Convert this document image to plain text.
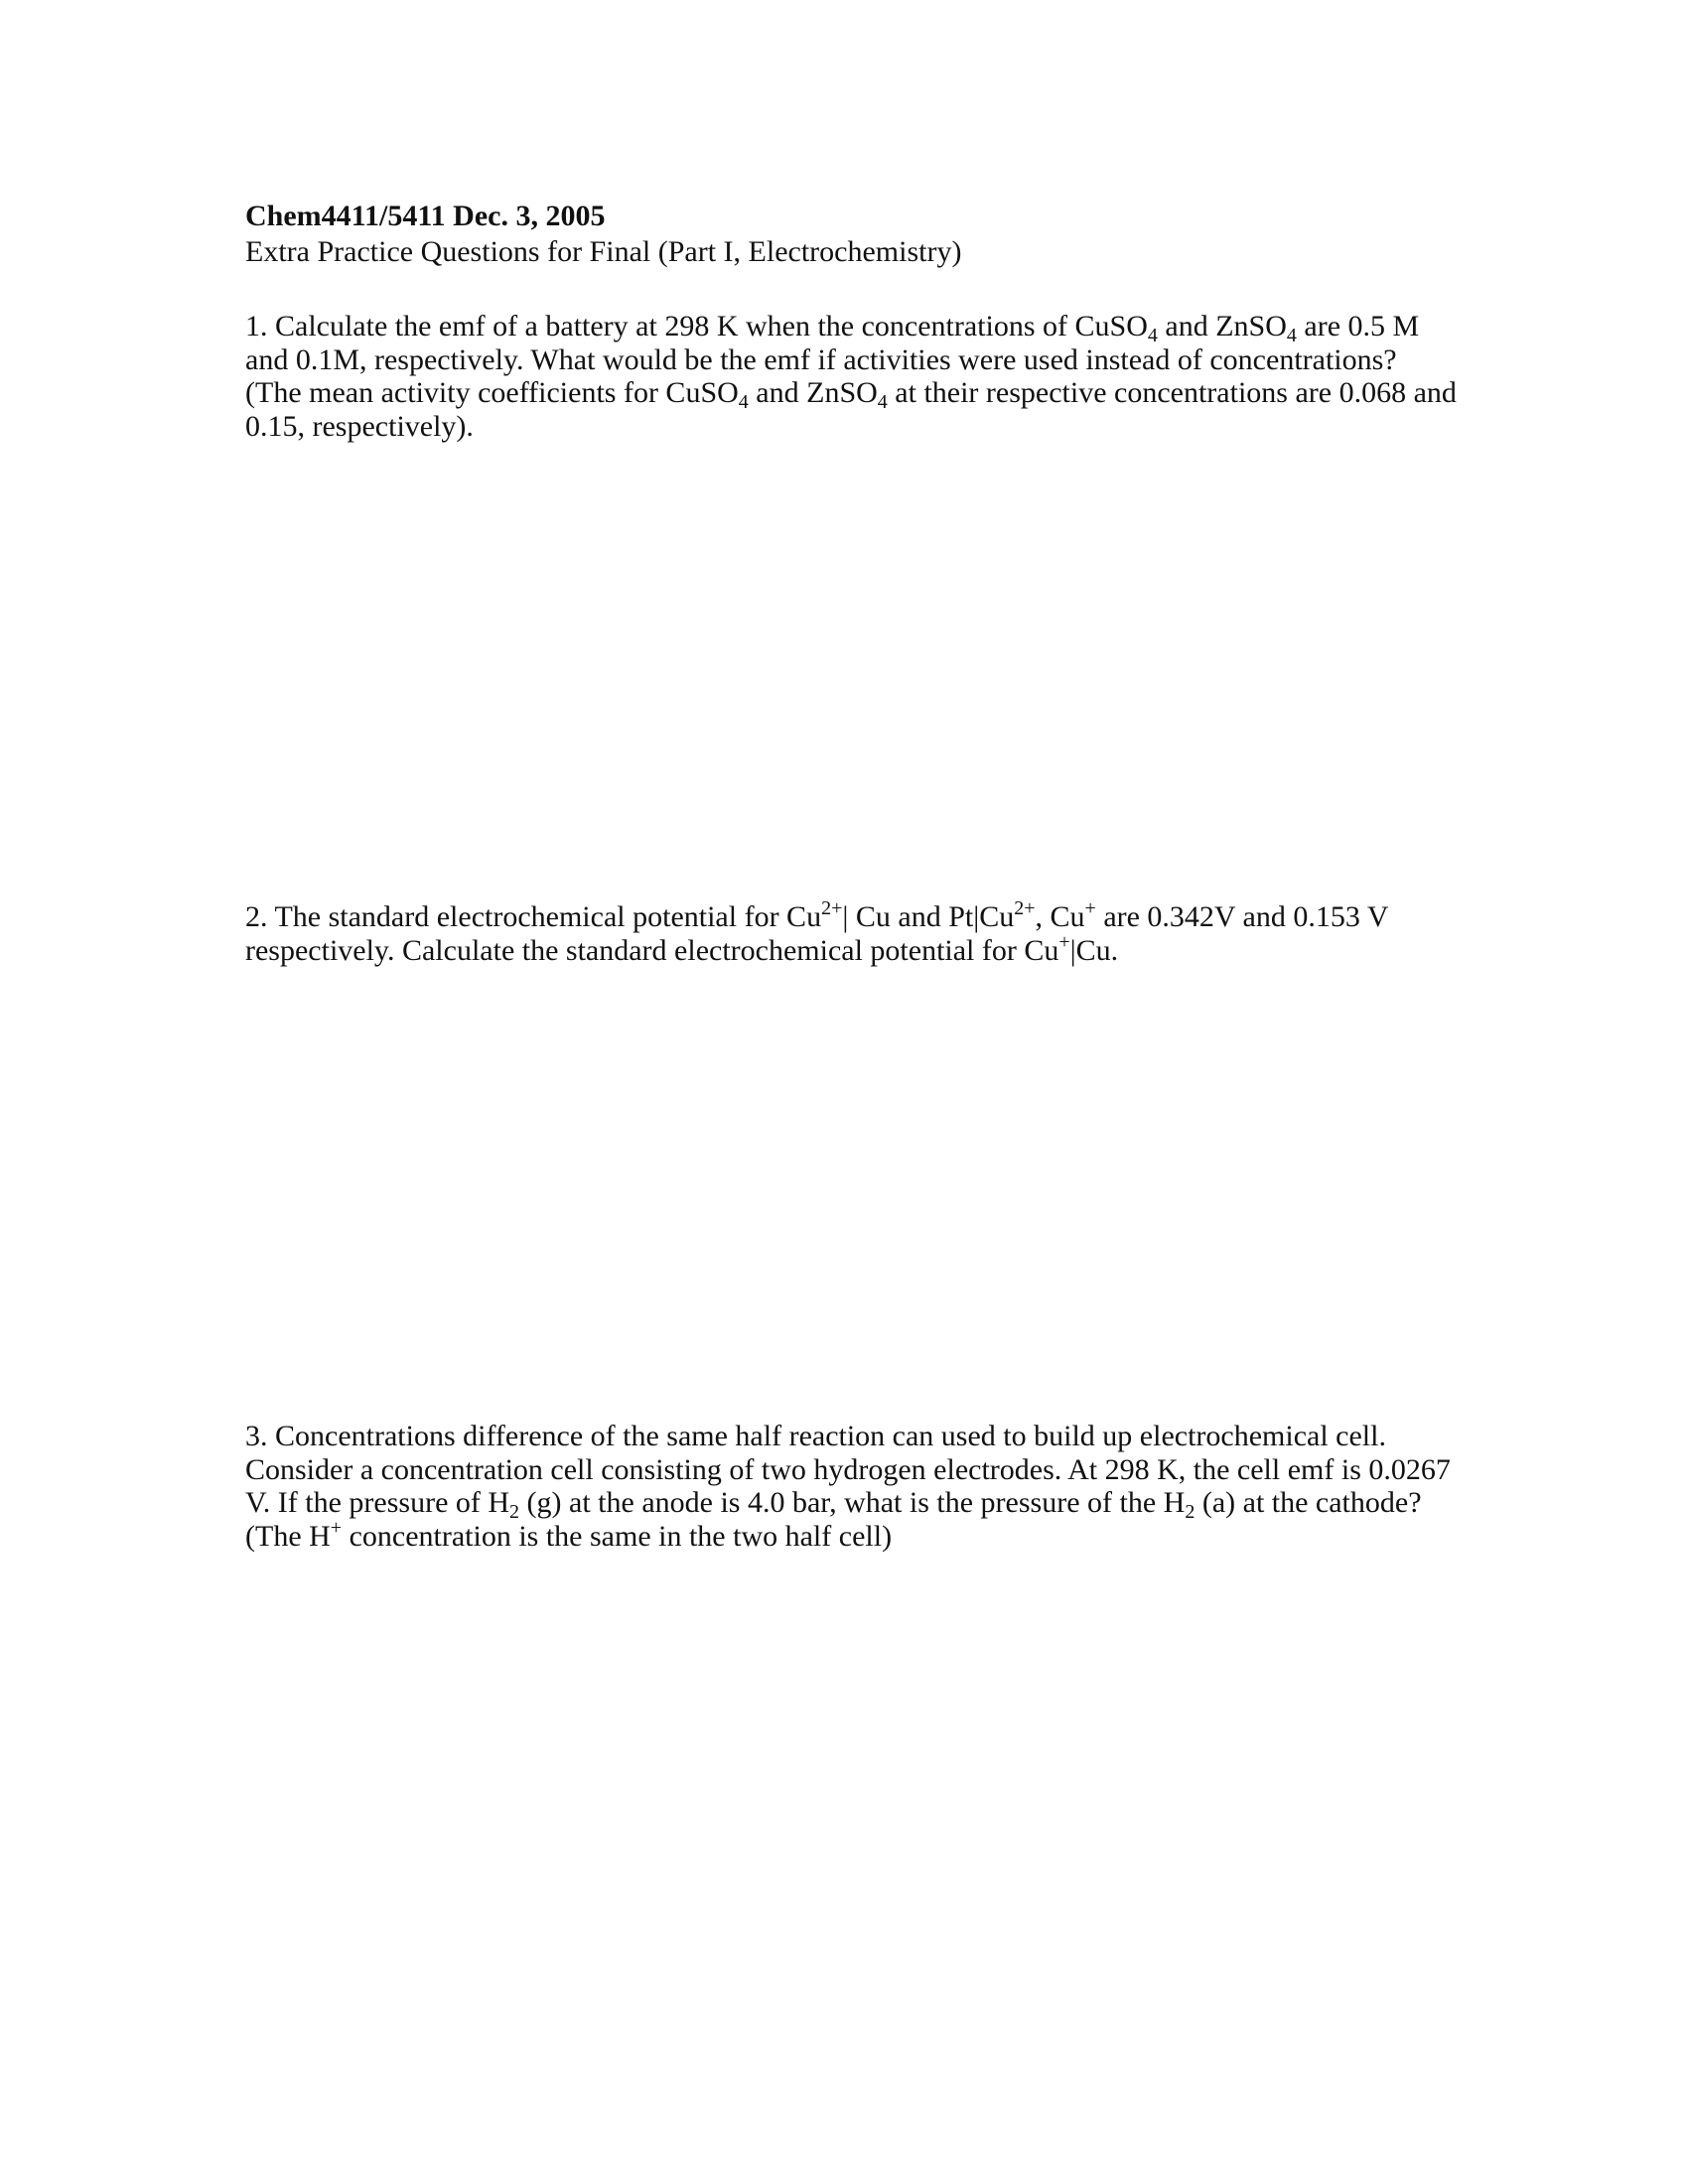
Chem4411/5411 Dec. 3, 2005

Extra Practice Questions for Final (Part I, Electrochemistry)

1. Calculate the emf of a battery at 298 K when the concentrations of CuSO$_4$ and ZnSO$_4$ are 0.5 M and 0.1M, respectively. What would be the emf if activities were used instead of concentrations? (The mean activity coefficients for CuSO$_4$ and ZnSO$_4$ at their respective concentrations are 0.068 and 0.15, respectively).

2. The standard electrochemical potential for $Cu^{2+}|$ Cu and $Pt|Cu^{2+}$, Cu+ are 0.342V and 0.153 V respectively. Calculate the standard electrochemical potential for Cu+|Cu.

3. Concentrations difference of the same half reaction can used to build up electrochemical cell. Consider a concentration cell consisting of two hydrogen electrodes. At 298 K, the cell emf is 0.0267 V. If the pressure of $H_2$ (g) at the anode is 4.0 bar, what is the pressure of the $H_2$ (a) at the cathode? (The H+ concentration is the same in the two half cell)
